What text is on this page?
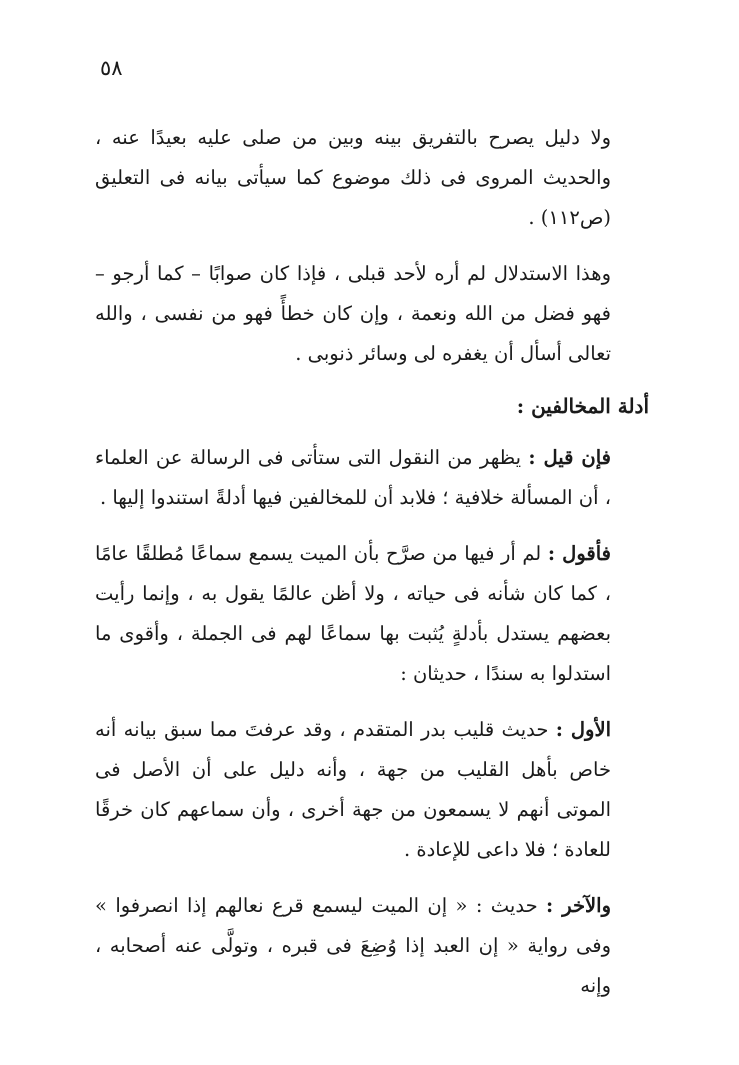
٥٨

ولا دليل يصرح بالتفريق بينه وبين من صلى عليه بعيدًا عنه ، والحديث المروى فى ذلك موضوع كما سيأتى بيانه فى التعليق (ص١١٢) .

وهذا الاستدلال لم أره لأحد قبلى ، فإذا كان صوابًا – كما أرجو – فهو فضل من الله ونعمة ، وإن كان خطأً فهو من نفسى ، والله تعالى أسأل أن يغفره لى وسائر ذنوبى .

أدلة المخالفين :

فإن قيل : يظهر من النقول التى ستأتى فى الرسالة عن العلماء ، أن المسألة خلافية ؛ فلابد أن للمخالفين فيها أدلةً استندوا إليها .

فأقول : لم أر فيها من صرَّح بأن الميت يسمع سماعًا مُطلقًا عامًا ، كما كان شأنه فى حياته ، ولا أظن عالمًا يقول به ، وإنما رأيت بعضهم يستدل بأدلةٍ يُثبت بها سماعًا لهم فى الجملة ، وأقوى ما استدلوا به سندًا ، حديثان :

الأول : حديث قليب بدر المتقدم ، وقد عرفتَ مما سبق بيانه أنه خاص بأهل القليب من جهة ، وأنه دليل على أن الأصل فى الموتى أنهم لا يسمعون من جهة أخرى ، وأن سماعهم كان خرقًا للعادة ؛ فلا داعى للإعادة .

والآخر : حديث : « إن الميت ليسمع قرع نعالهم إذا انصرفوا » وفى رواية « إن العبد إذا وُضِعَ فى قبره ، وتولَّى عنه أصحابه ، وإنه
